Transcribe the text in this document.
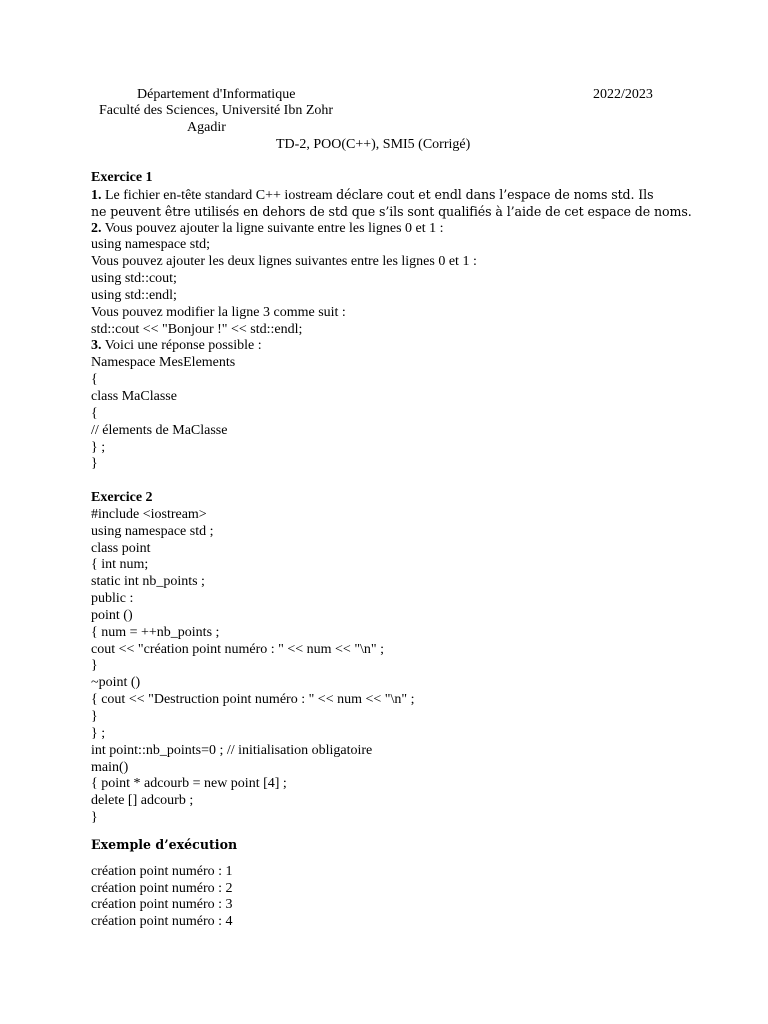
Département d'Informatique	2022/2023
Faculté des Sciences, Université Ibn Zohr
Agadir
TD-2, POO(C++), SMI5 (Corrigé)
Exercice 1
1. Le fichier en-tête standard C++ iostream déclare cout et endl dans l’espace de noms std. Ils
ne peuvent être utilisés en dehors de std que s’ils sont qualifiés à l’aide de cet espace de noms.
2. Vous pouvez ajouter la ligne suivante entre les lignes 0 et 1 :
using namespace std;
Vous pouvez ajouter les deux lignes suivantes entre les lignes 0 et 1 :
using std::cout;
using std::endl;
Vous pouvez modifier la ligne 3 comme suit :
std::cout << "Bonjour !" << std::endl;
3. Voici une réponse possible :
Namespace MesElements
{
class MaClasse
{
// élements de MaClasse
} ;
}
Exercice 2
#include <iostream>
using namespace std ;
class point
{ int num;
static int nb_points ;
public :
point ()
{ num = ++nb_points ;
cout << "création point numéro : " << num << "\n" ;
}
~point ()
{ cout << "Destruction point numéro : " << num << "\n" ;
}
} ;
int point::nb_points=0 ; // initialisation obligatoire
main()
{ point * adcourb = new point [4] ;
delete [] adcourb ;
}
Exemple d’exécution
création point numéro : 1
création point numéro : 2
création point numéro : 3
création point numéro : 4
